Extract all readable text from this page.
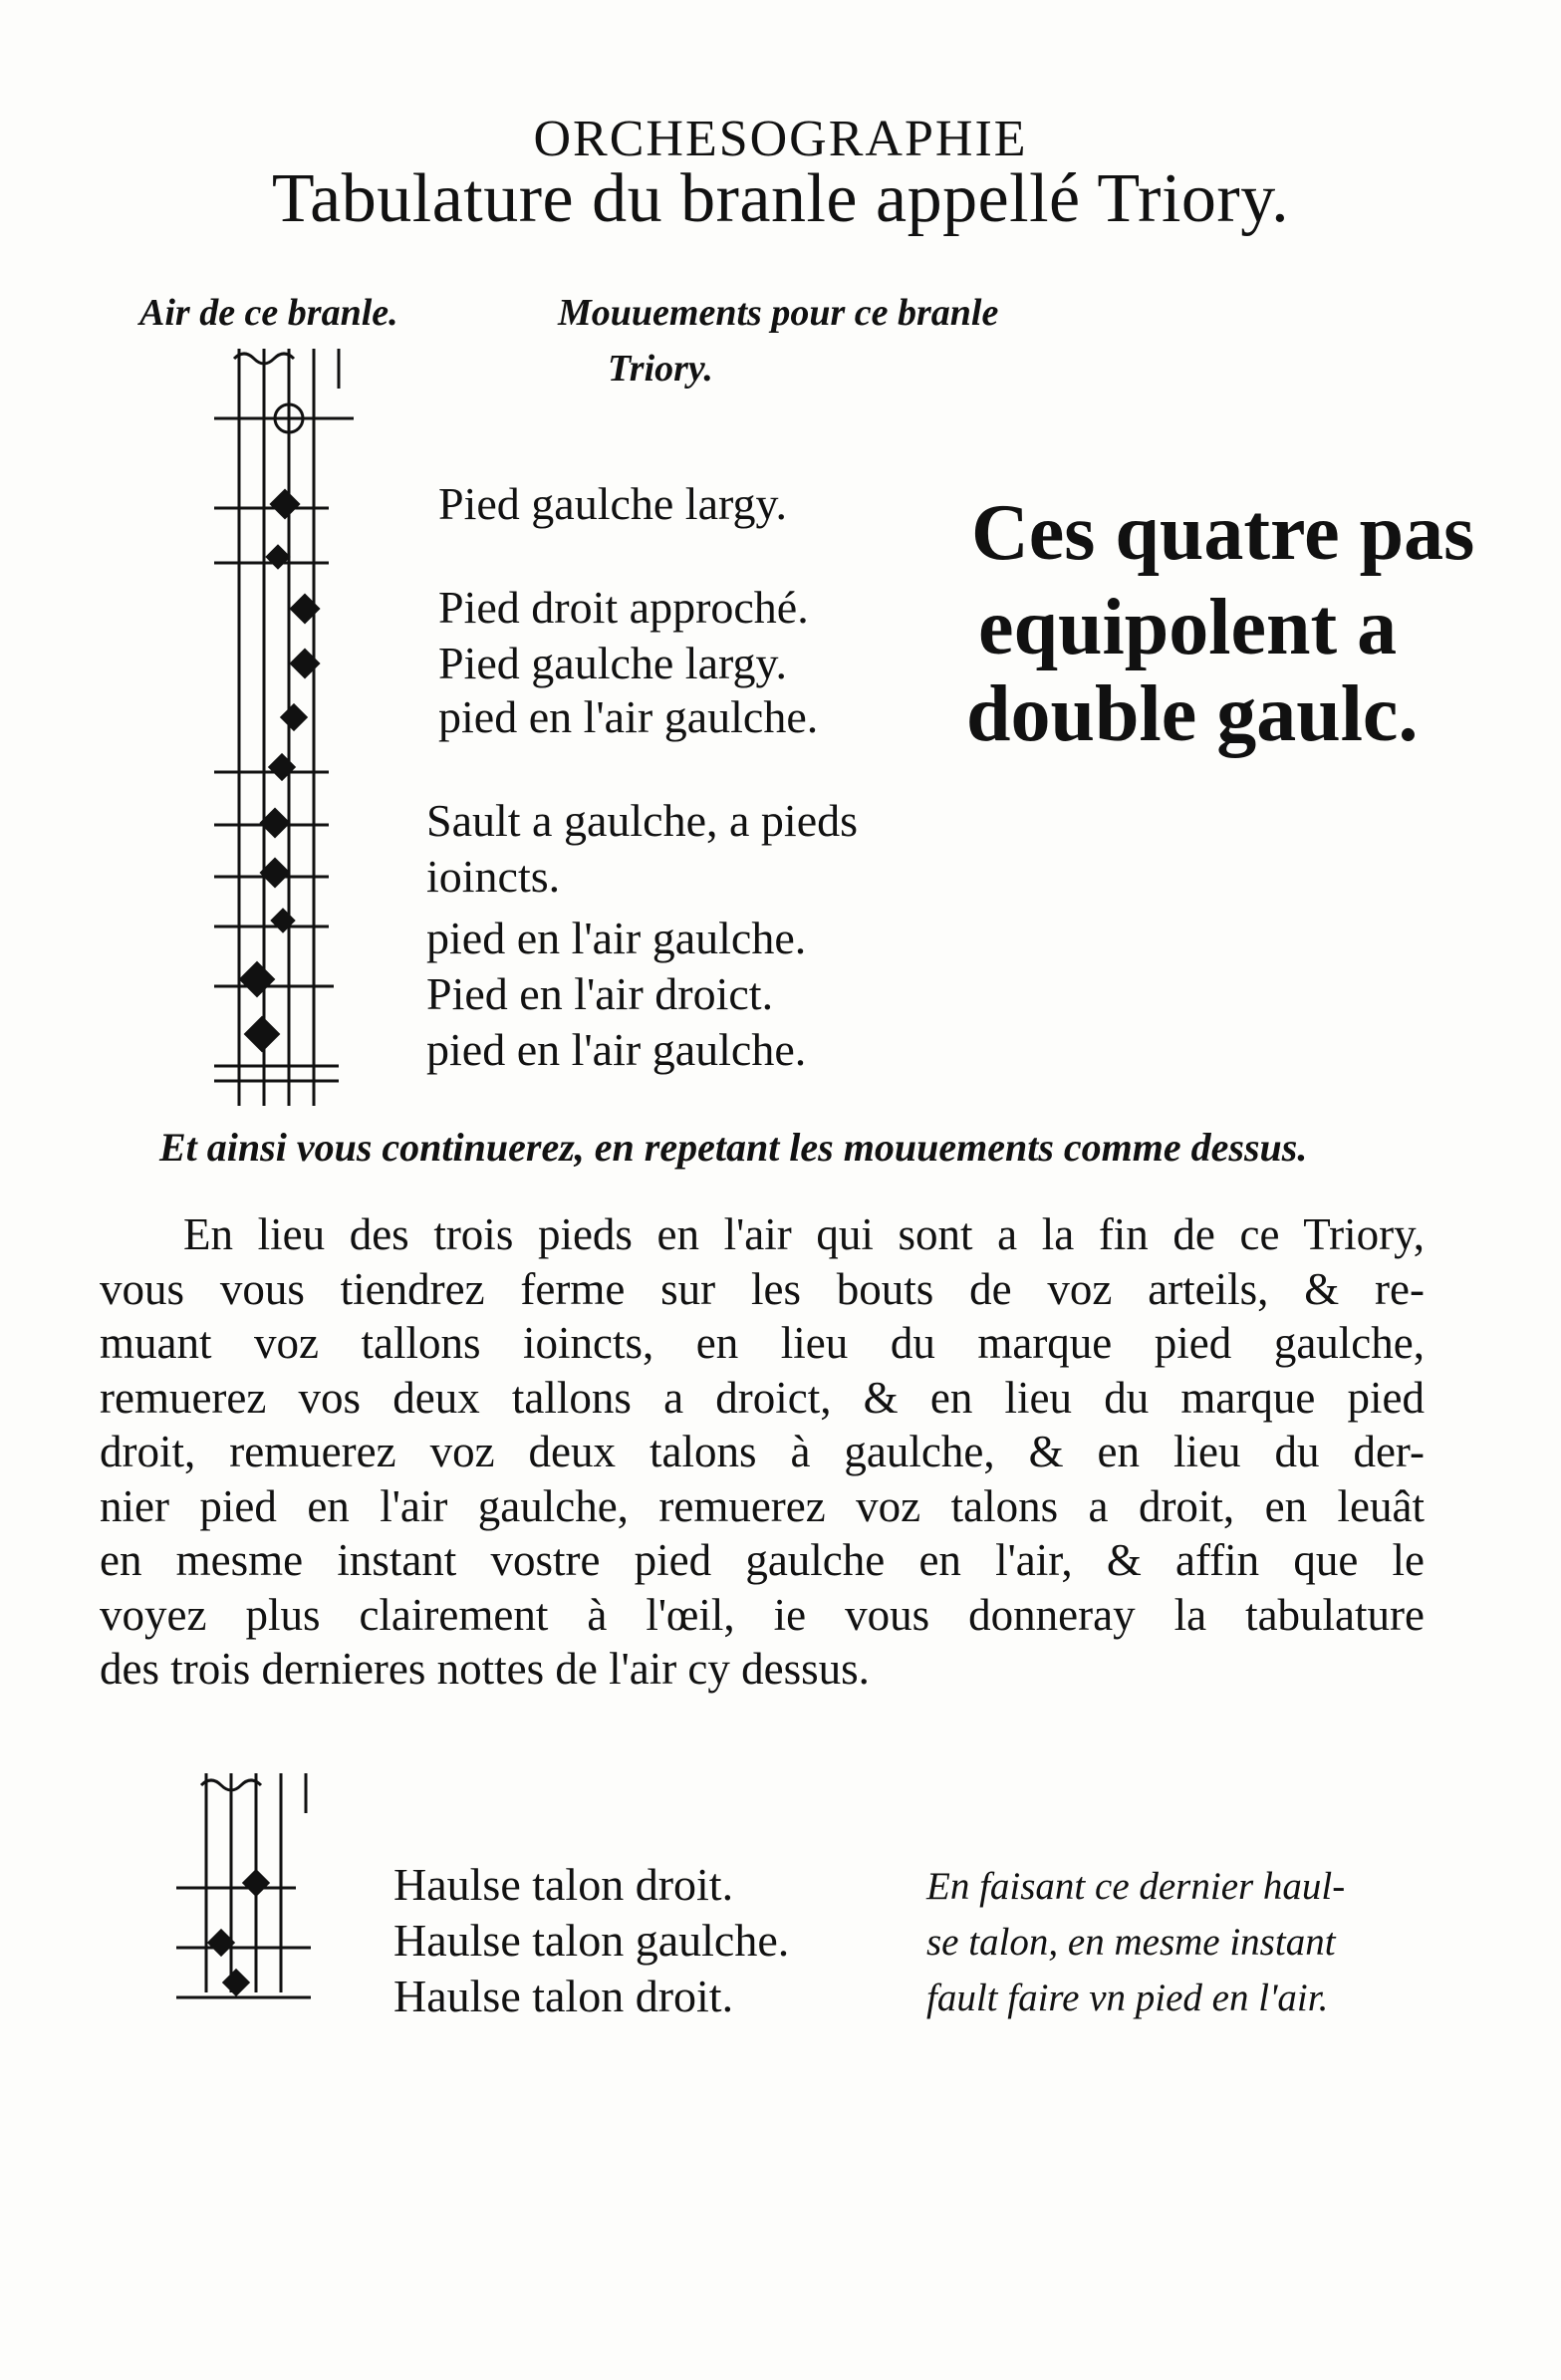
ORCHESOGRAPHIE
Tabulature du branle appellé Triory.
Air de ce branle.	Mouuements pour ce branle
Triory.
Pied gaulche largy.
Pied droit approché.
Pied gaulche largy.
pied en l'air gaulche.
Sault a gaulche, a pieds
ioincts.
pied en l'air gaulche.
Pied en l'air droict.
pied en l'air gaulche.
Ces quatre pas
equipolent a
double gaulc.
Et ainsi vous continuerez, en repetant les mouuements comme dessus.
En lieu des trois pieds en l'air qui sont a la fin de ce Triory,
vous vous tiendrez ferme sur les bouts de voz arteils, & re-
muant voz tallons ioincts, en lieu du marque pied gaulche,
remuerez vos deux tallons a droict, & en lieu du marque pied
droit, remuerez voz deux talons à gaulche, & en lieu du der-
nier pied en l'air gaulche, remuerez voz talons a droit, en leuât
en mesme instant vostre pied gaulche en l'air, & affin que le
voyez plus clairement à l'œil, ie vous donneray la tabulature
des trois dernieres nottes de l'air cy dessus.
Haulse talon droit.
Haulse talon gaulche.
Haulse talon droit.
En faisant ce dernier haul-
se talon, en mesme instant
fault faire vn pied en l'air.
